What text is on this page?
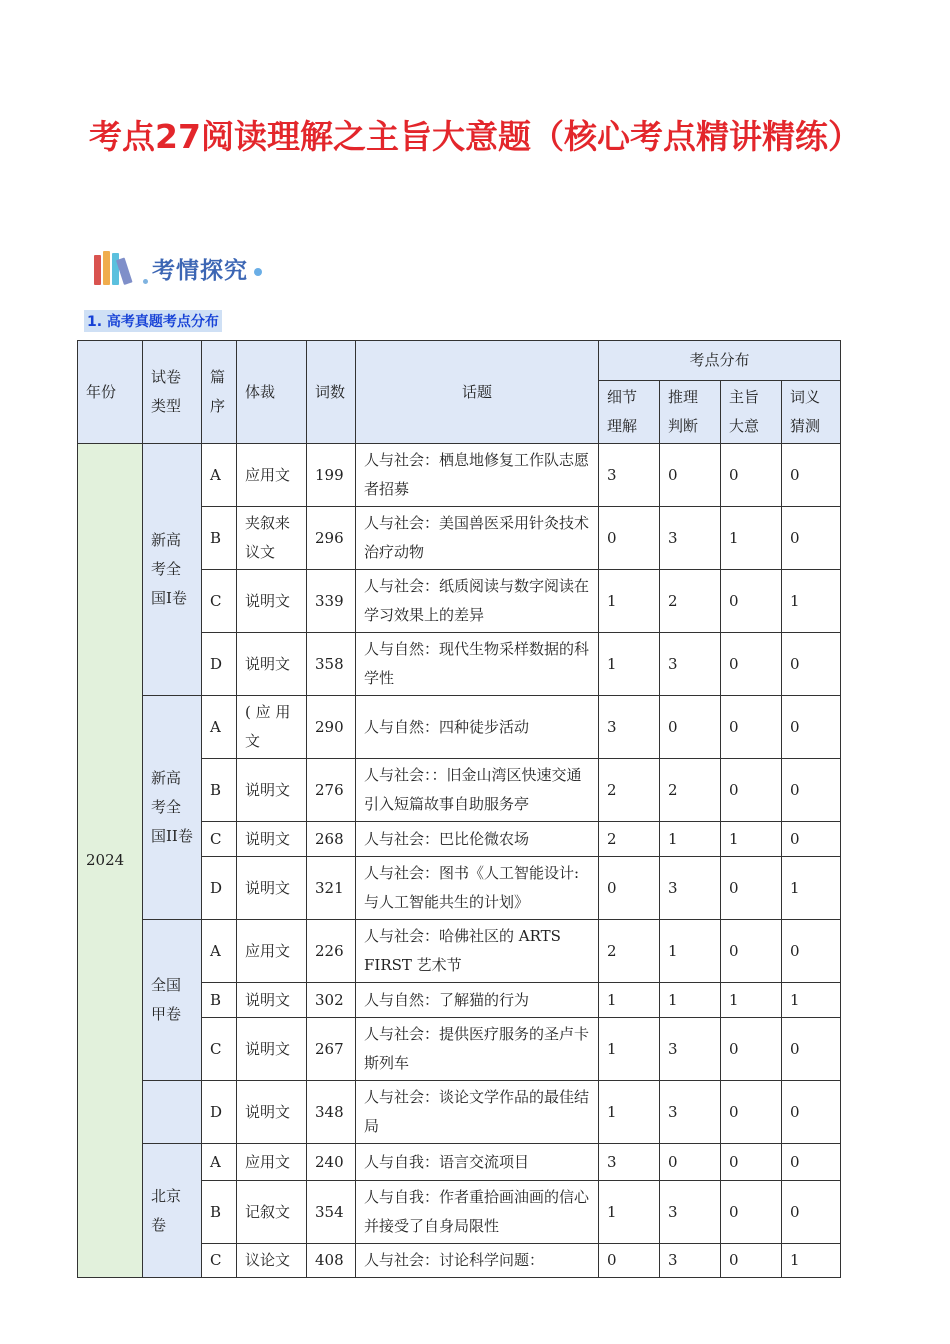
考点27阅读理解之主旨大意题（核心考点精讲精练）
考情探究
1. 高考真题考点分布
年份	试卷类型	篇序	体裁	词数	话题	考点分布			
						细节理解	推理判断	主旨大意	词义猜测
2024	新高考全国I卷	A	应用文	199	人与社会：栖息地修复工作队志愿者招募	3	0	0	0
		B	夹叙来议文	296	人与社会：美国兽医采用针灸技术治疗动物	0	3	1	0
		C	说明文	339	人与社会：纸质阅读与数字阅读在学习效果上的差异	1	2	0	1
		D	说明文	358	人与自然：现代生物采样数据的科学性	1	3	0	0
	新高考全国II卷	A	( 应 用 文	290	人与自然：四种徒步活动	3	0	0	0
		B	说明文	276	人与社会：：旧金山湾区快速交通引入短篇故事自助服务亭	2	2	0	0
		C	说明文	268	人与社会：巴比伦微农场	2	1	1	0
		D	说明文	321	人与社会：图书《人工智能设计:与人工智能共生的计划》	0	3	0	1
	全国甲卷	A	应用文	226	人与社会：哈佛社区的 ARTS FIRST 艺术节	2	1	0	0
		B	说明文	302	人与自然：了解猫的行为	1	1	1	1
		C	说明文	267	人与社会：提供医疗服务的圣卢卡斯列车	1	3	0	0
		D	说明文	348	人与社会：谈论文学作品的最佳结局	1	3	0	0
	北京卷	A	应用文	240	人与自我：语言交流项目	3	0	0	0
		B	记叙文	354	人与自我：作者重拾画油画的信心并接受了自身局限性	1	3	0	0
		C	议论文	408	人与社会：讨论科学问题：	0	3	0	1
